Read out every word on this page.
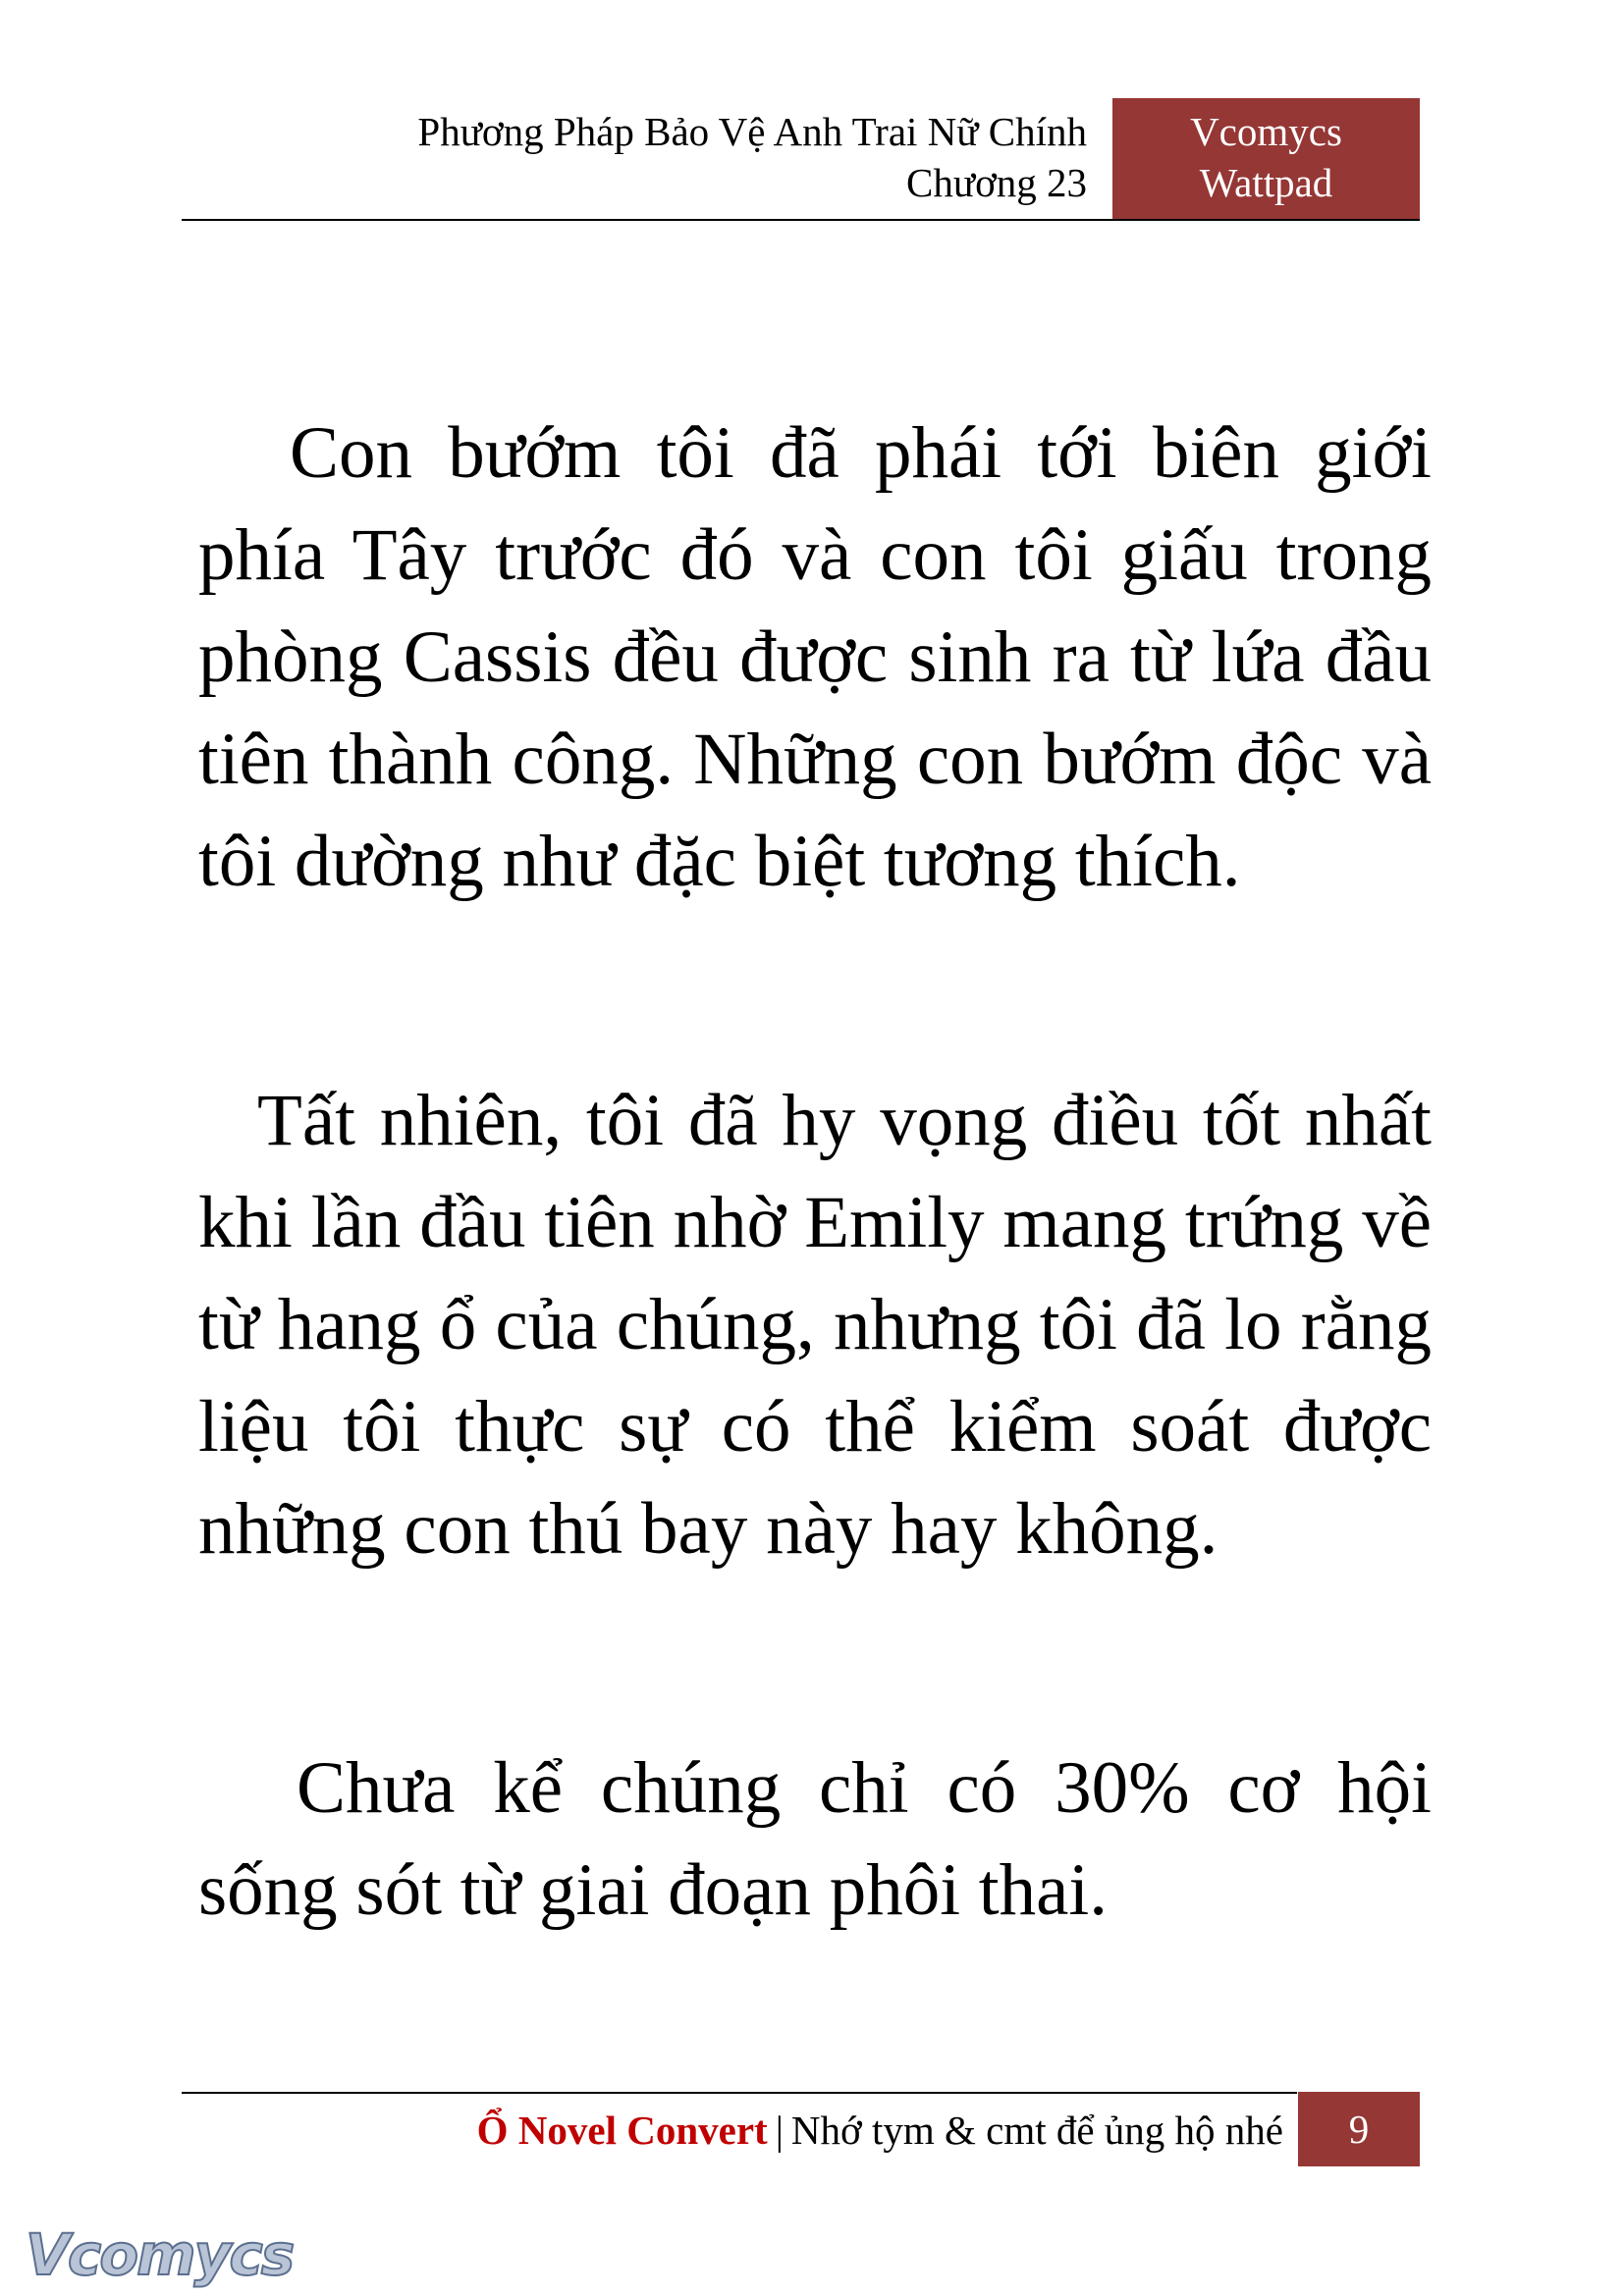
Phương Pháp Bảo Vệ Anh Trai Nữ Chính
Chương 23
Vcomycs
Wattpad

Con bướm tôi đã phái tới biên giới phía Tây trước đó và con tôi giấu trong phòng Cassis đều được sinh ra từ lứa đầu tiên thành công. Những con bướm độc và tôi dường như đặc biệt tương thích.

Tất nhiên, tôi đã hy vọng điều tốt nhất khi lần đầu tiên nhờ Emily mang trứng về từ hang ổ của chúng, nhưng tôi đã lo rằng liệu tôi thực sự có thể kiểm soát được những con thú bay này hay không.

Chưa kể chúng chỉ có 30% cơ hội sống sót từ giai đoạn phôi thai.

Ổ Novel Convert | Nhớ tym & cmt để ủng hộ nhé	9
Vcomycs
